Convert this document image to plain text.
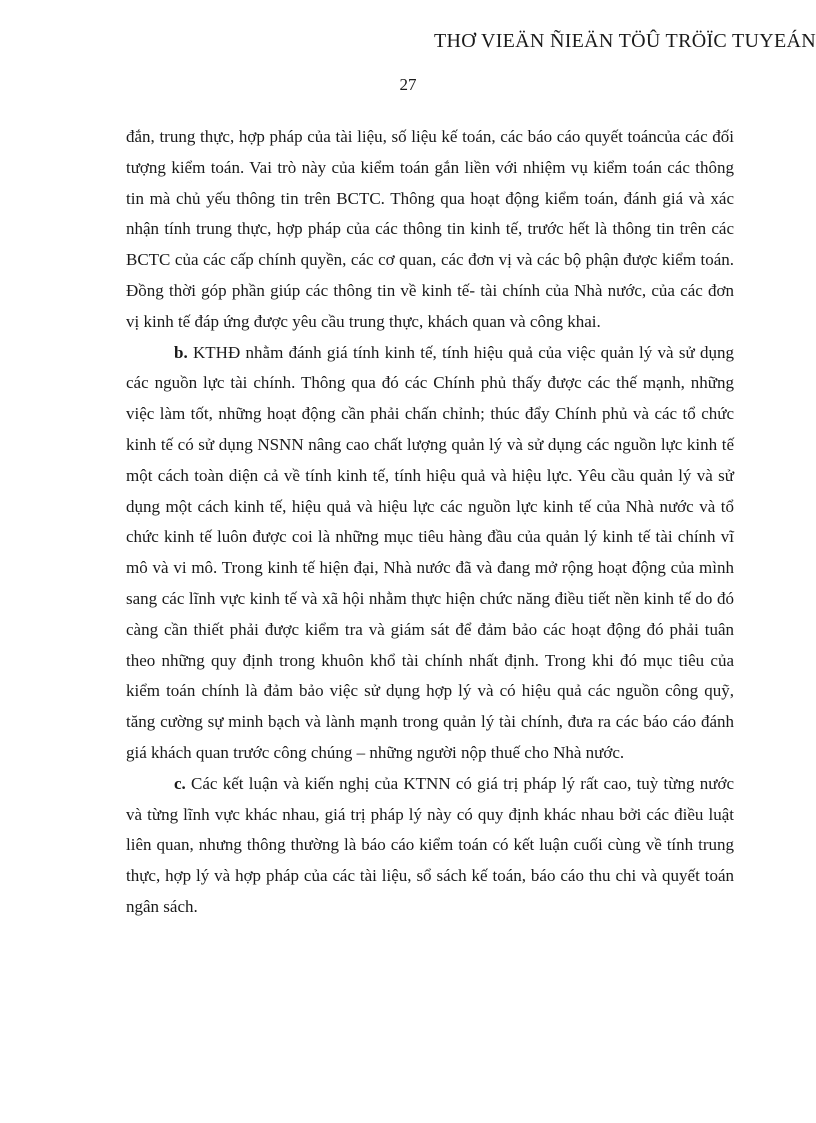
THƠ VIEÄN ÑIEÄN TÖÛ TRÖÏC TUYEÁN
27

đắn, trung thực, hợp pháp của tài liệu, số liệu kế toán, các báo cáo quyết toáncủa các đối tượng kiểm toán. Vai trò này của kiểm toán gắn liền với nhiệm vụ kiểm toán các thông tin mà chủ yếu thông tin trên BCTC. Thông qua hoạt động kiểm toán, đánh giá và xác nhận tính trung thực, hợp pháp của các thông tin kinh tế, trước hết là thông tin trên các BCTC của các cấp chính quyền, các cơ quan, các đơn vị và các bộ phận được kiểm toán. Đồng thời góp phần giúp các thông tin về kinh tế- tài chính của Nhà nước, của các đơn vị kinh tế đáp ứng được yêu cầu trung thực, khách quan và công khai.

b. KTHĐ nhằm đánh giá tính kinh tế, tính hiệu quả của việc quản lý và sử dụng các nguồn lực tài chính. Thông qua đó các Chính phủ thấy được các thế mạnh, những việc làm tốt, những hoạt động cần phải chấn chỉnh; thúc đẩy Chính phủ và các tổ chức kinh tế có sử dụng NSNN nâng cao chất lượng quản lý và sử dụng các nguồn lực kinh tế một cách toàn diện cả về tính kinh tế, tính hiệu quả và hiệu lực. Yêu cầu quản lý và sử dụng một cách kinh tế, hiệu quả và hiệu lực các nguồn lực kinh tế của Nhà nước và tổ chức kinh tế luôn được coi là những mục tiêu hàng đầu của quản lý kinh tế tài chính vĩ mô và vi mô. Trong kinh tế hiện đại, Nhà nước đã và đang mở rộng hoạt động của mình sang các lĩnh vực kinh tế và xã hội nhằm thực hiện chức năng điều tiết nền kinh tế do đó càng cần thiết phải được kiểm tra và giám sát để đảm bảo các hoạt động đó phải tuân theo những quy định trong khuôn khổ tài chính nhất định. Trong khi đó mục tiêu của kiểm toán chính là đảm bảo việc sử dụng hợp lý và có hiệu quả các nguồn công quỹ, tăng cường sự minh bạch và lành mạnh trong quản lý tài chính, đưa ra các báo cáo đánh giá khách quan trước công chúng – những người nộp thuế cho Nhà nước.

c. Các kết luận và kiến nghị của KTNN có giá trị pháp lý rất cao, tuỳ từng nước và từng lĩnh vực khác nhau, giá trị pháp lý này có quy định khác nhau bởi các điều luật liên quan, nhưng thông thường là báo cáo kiểm toán có kết luận cuối cùng về tính trung thực, hợp lý và hợp pháp của các tài liệu, sổ sách kế toán, báo cáo thu chi và quyết toán ngân sách.
